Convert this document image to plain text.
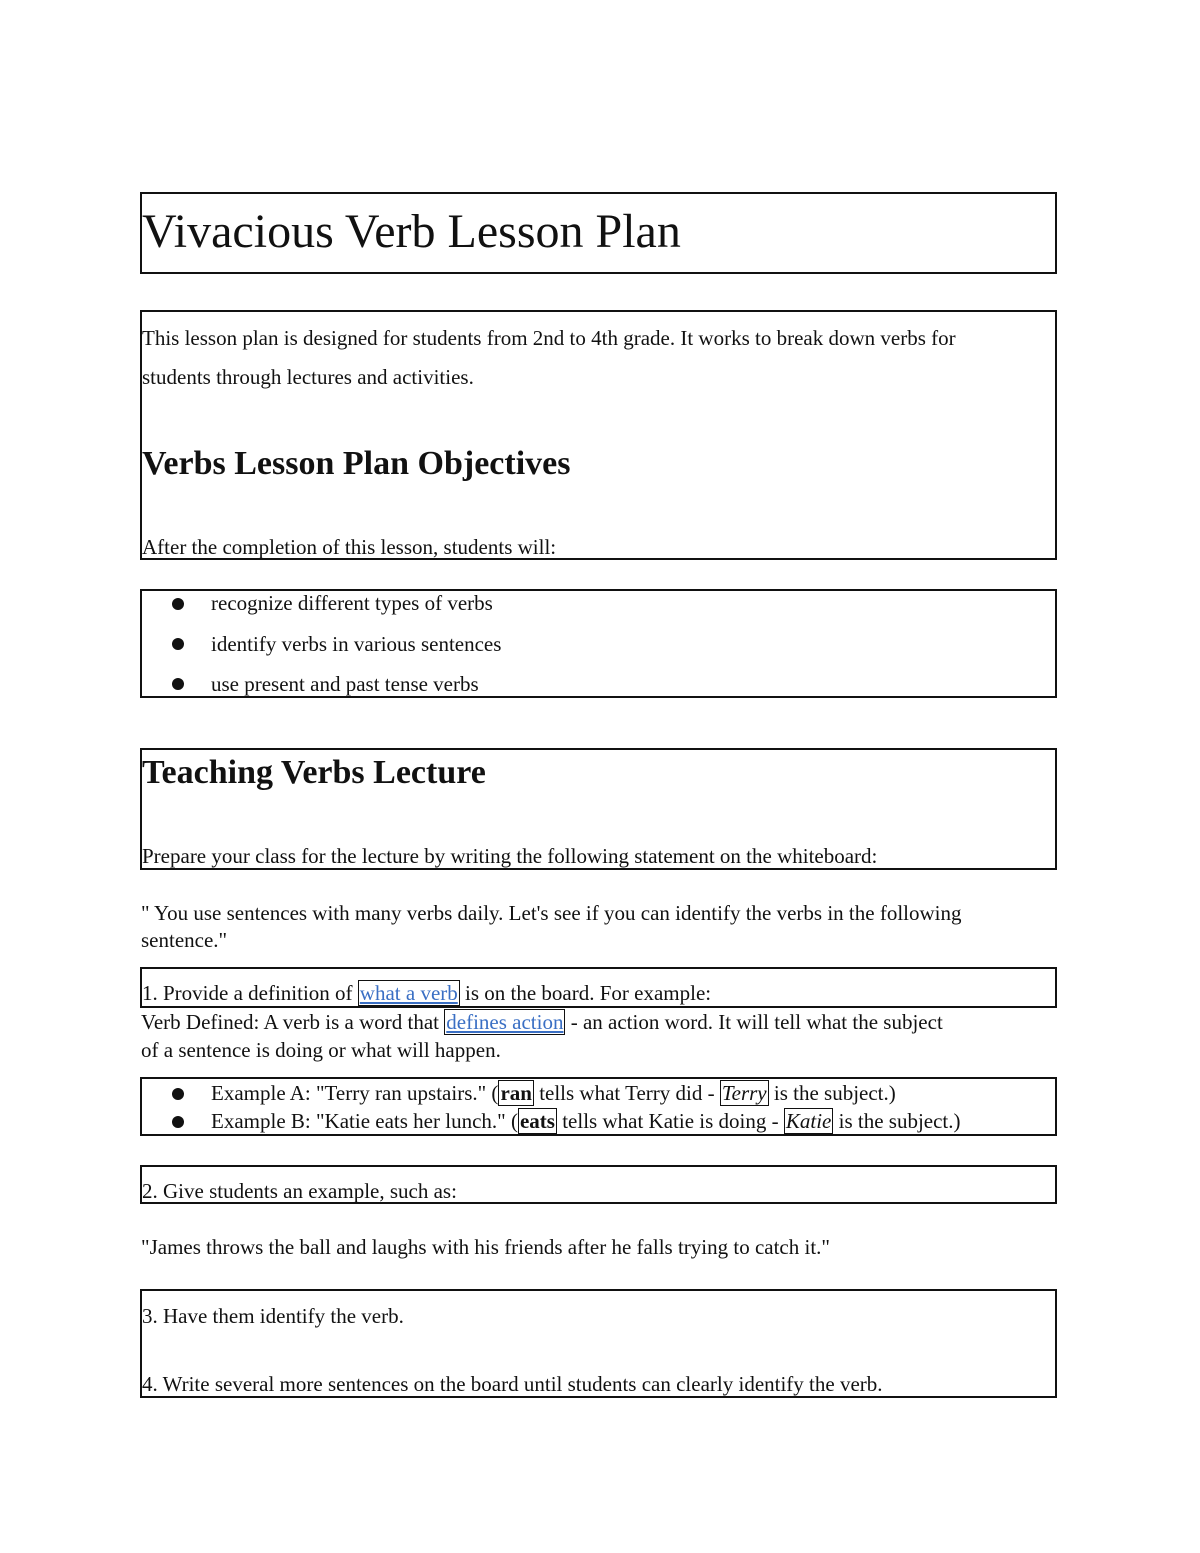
Vivacious Verb Lesson Plan
This lesson plan is designed for students from 2nd to 4th grade. It works to break down verbs for
students through lectures and activities.
Verbs Lesson Plan Objectives
After the completion of this lesson, students will:
recognize different types of verbs
identify verbs in various sentences
use present and past tense verbs
Teaching Verbs Lecture
Prepare your class for the lecture by writing the following statement on the whiteboard:
" You use sentences with many verbs daily. Let's see if you can identify the verbs in the following
sentence."
1. Provide a definition of what a verb is on the board. For example:
Verb Defined: A verb is a word that defines action - an action word. It will tell what the subject
of a sentence is doing or what will happen.
Example A: "Terry ran upstairs." (ran tells what Terry did - Terry is the subject.)
Example B: "Katie eats her lunch." (eats tells what Katie is doing - Katie is the subject.)
2. Give students an example, such as:
"James throws the ball and laughs with his friends after he falls trying to catch it."
3. Have them identify the verb.
4. Write several more sentences on the board until students can clearly identify the verb.
